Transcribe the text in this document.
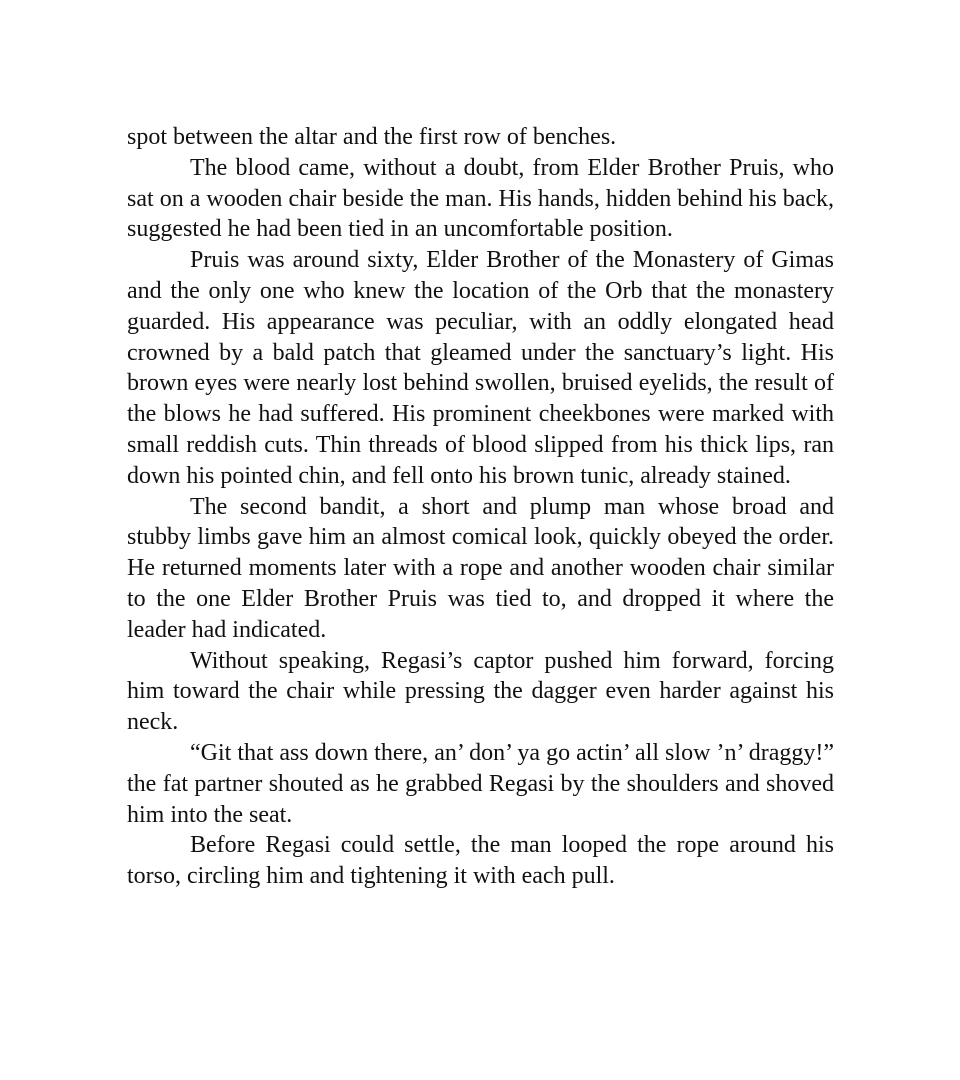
spot between the altar and the first row of benches.

The blood came, without a doubt, from Elder Brother Pruis, who sat on a wooden chair beside the man. His hands, hidden behind his back, suggested he had been tied in an uncomfortable position.

Pruis was around sixty, Elder Brother of the Monastery of Gimas and the only one who knew the location of the Orb that the monastery guarded. His appearance was peculiar, with an oddly elongated head crowned by a bald patch that gleamed under the sanctuary’s light. His brown eyes were nearly lost behind swollen, bruised eyelids, the result of the blows he had suffered. His prominent cheekbones were marked with small reddish cuts. Thin threads of blood slipped from his thick lips, ran down his pointed chin, and fell onto his brown tunic, already stained.

The second bandit, a short and plump man whose broad and stubby limbs gave him an almost comical look, quickly obeyed the order. He returned moments later with a rope and another wooden chair similar to the one Elder Brother Pruis was tied to, and dropped it where the leader had indicated.

Without speaking, Regasi’s captor pushed him forward, forcing him toward the chair while pressing the dagger even harder against his neck.

“Git that ass down there, an’ don’ ya go actin’ all slow ’n’ draggy!” the fat partner shouted as he grabbed Regasi by the shoulders and shoved him into the seat.

Before Regasi could settle, the man looped the rope around his torso, circling him and tightening it with each pull.
